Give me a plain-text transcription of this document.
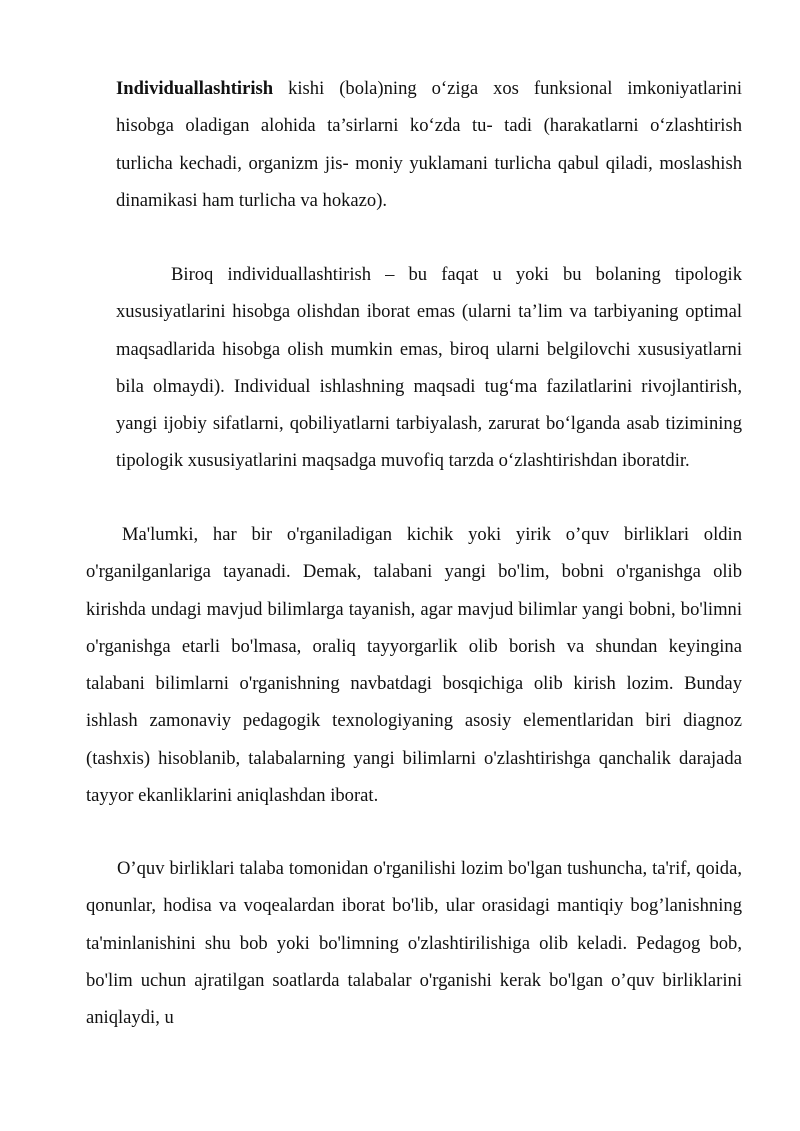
Individuallashtirish kishi (bola)ning o‘ziga xos funksional imkoniyatlarini hisobga oladigan alohida ta’sirlarni ko‘zda tu- tadi (harakatlarni o‘zlashtirish turlicha kechadi, organizm jis- moniy yuklamani turlicha qabul qiladi, moslashish dinamikasi ham turlicha va hokazo).

Biroq individuallashtirish – bu faqat u yoki bu bolaning tipologik xususiyatlarini hisobga olishdan iborat emas (ularni ta’lim va tarbiyaning optimal maqsadlarida hisobga olish mumkin emas, biroq ularni belgilovchi xususiyatlarni bila olmaydi). Individual ishlashning maqsadi tug‘ma fazilatlarini rivojlantirish, yangi ijobiy sifatlarni, qobiliyatlarni tarbiyalash, zarurat bo‘lganda asab tizimining tipologik xususiyatlarini maqsadga muvofiq tarzda o‘zlashtirishdan iboratdir.

Ma'lumki, har bir o'rganiladigan kichik yoki yirik o’quv birliklari oldin o'rganilganlariga tayanadi. Demak, talabani yangi bo'lim, bobni o'rganishga olib kirishda undagi mavjud bilimlarga tayanish, agar mavjud bilimlar yangi bobni, bo'limni o'rganishga etarli bo'lmasa, oraliq tayyorgarlik olib borish va shundan keyingina talabani bilimlarni o'rganishning navbatdagi bosqichiga olib kirish lozim. Bunday ishlash zamonaviy pedagogik texnologiyaning asosiy elementlaridan biri diagnoz (tashxis) hisoblanib, talabalarning yangi bilimlarni o'zlashtirishga qanchalik darajada tayyor ekanliklarini aniqlashdan iborat.

O’quv birliklari talaba tomonidan o'rganilishi lozim bo'lgan tushuncha, ta'rif, qoida, qonunlar, hodisa va voqealardan iborat bo'lib, ular orasidagi mantiqiy bog’lanishning ta'minlanishini shu bob yoki bo'limning o'zlashtirilishiga olib keladi. Pedagog bob, bo'lim uchun ajratilgan soatlarda talabalar o'rganishi kerak bo'lgan o’quv birliklarini aniqlaydi, u
